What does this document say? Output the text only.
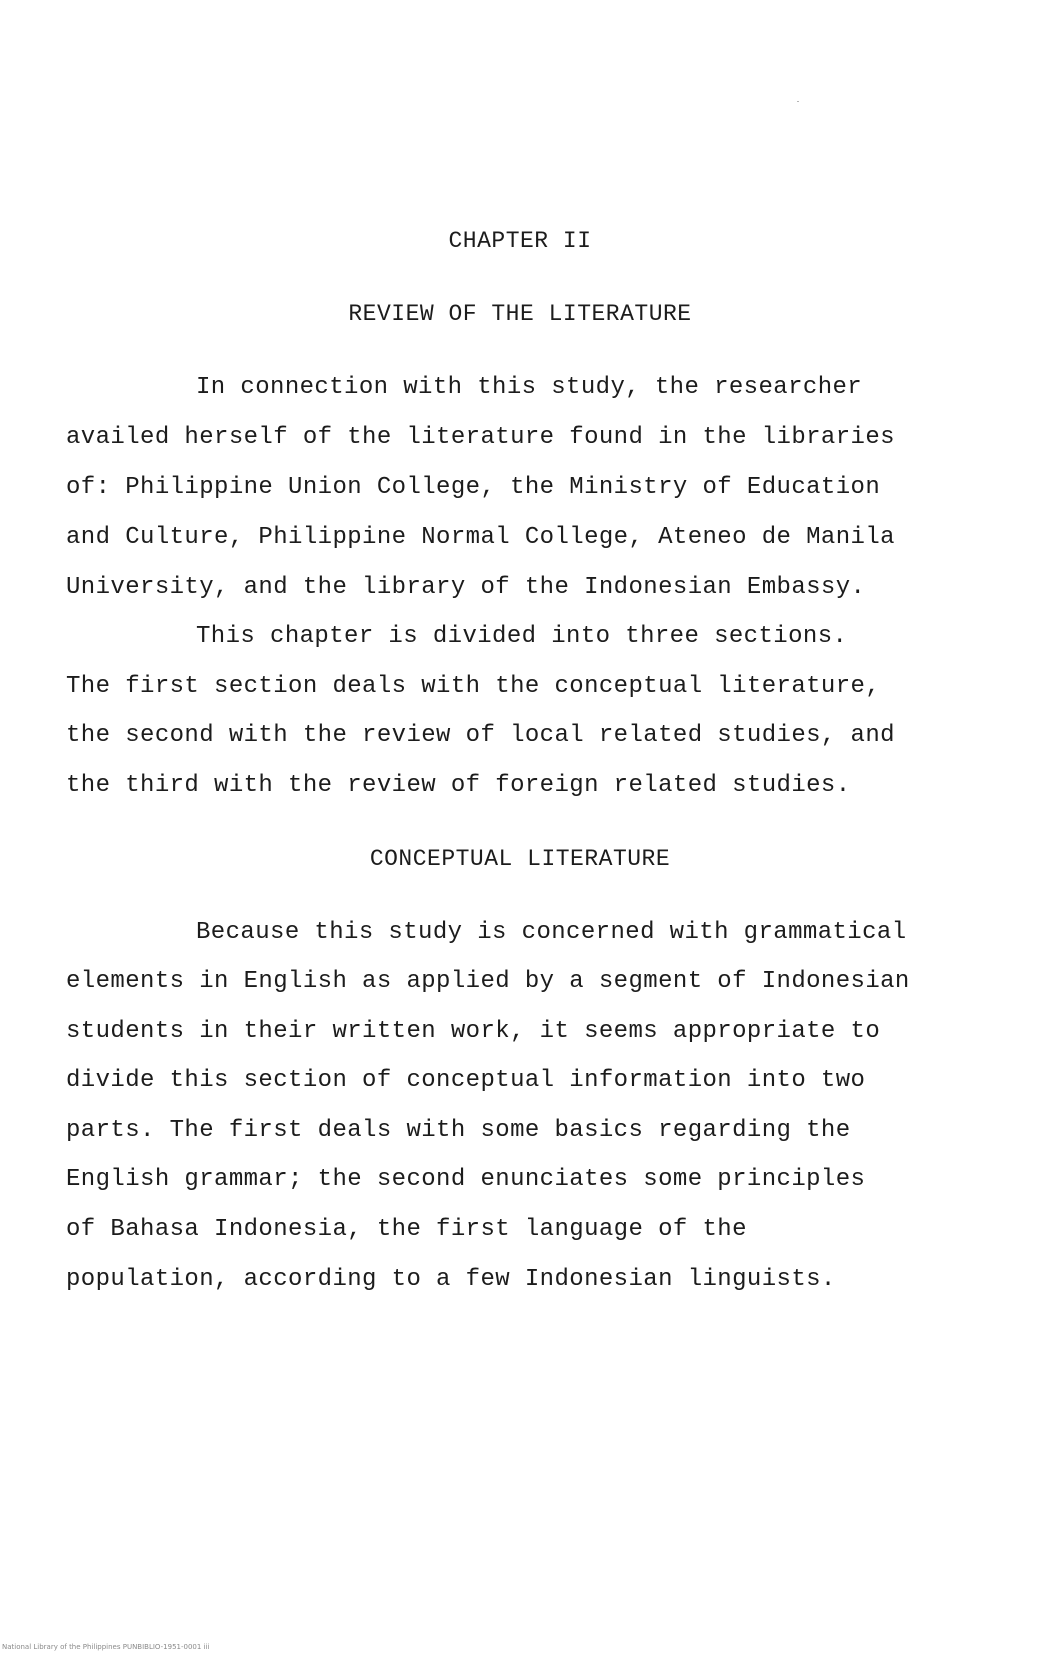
CHAPTER II
REVIEW OF THE LITERATURE
In connection with this study, the researcher
availed herself of the literature found in the libraries
of: Philippine Union College, the Ministry of Education
and Culture, Philippine Normal College, Ateneo de Manila
University, and the library of the Indonesian Embassy.
This chapter is divided into three sections.
The first section deals with the conceptual literature,
the second with the review of local related studies, and
the third with the review of foreign related studies.
CONCEPTUAL LITERATURE
Because this study is concerned with grammatical
elements in English as applied by a segment of Indonesian
students in their written work, it seems appropriate to
divide this section of conceptual information into two
parts. The first deals with some basics regarding the
English grammar; the second enunciates some principles
of Bahasa Indonesia, the first language of the
population, according to a few Indonesian linguists.
National Library of the Philippines PUNBIBLIO-1951-0001 iii
